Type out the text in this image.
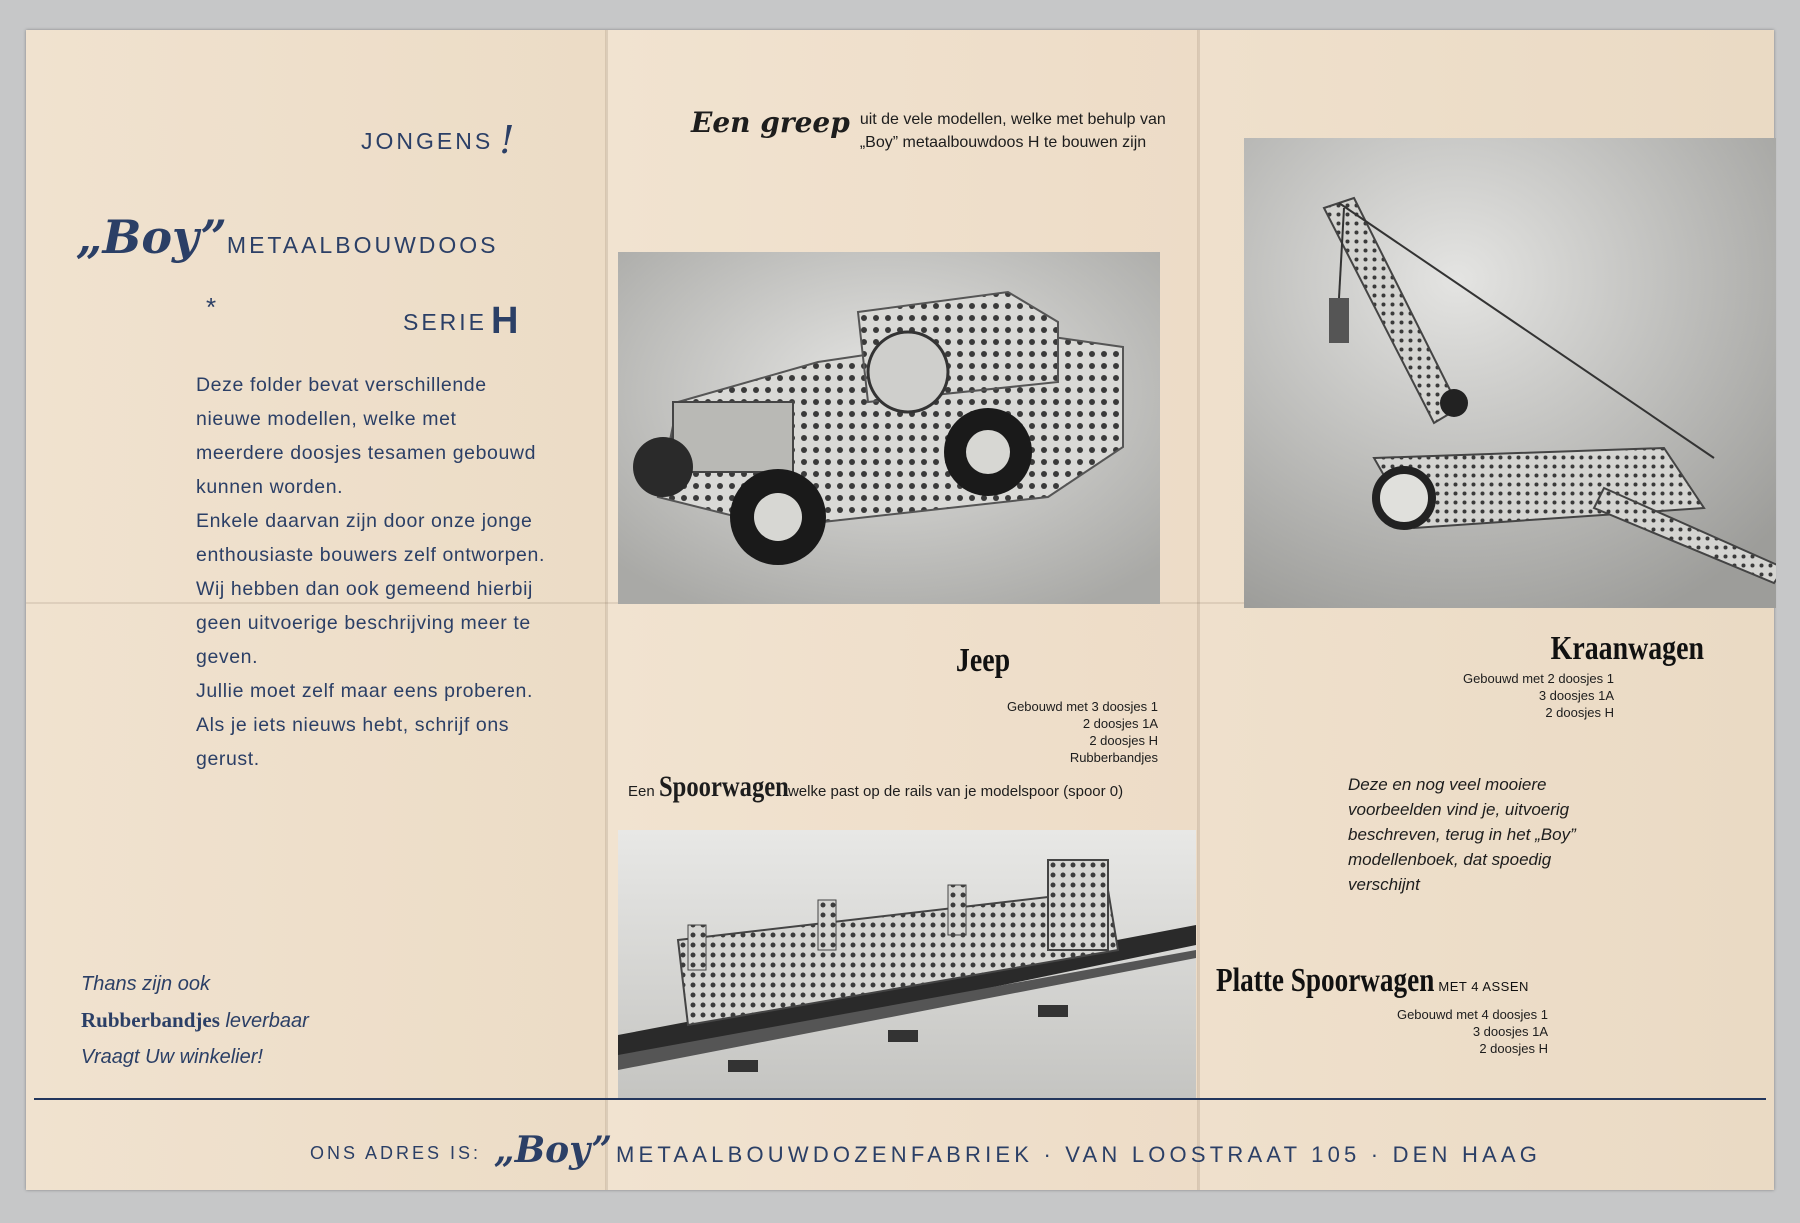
JONGENS !
„Boy”METAALBOUWDOOS
*	SERIE H

Deze folder bevat verschillende nieuwe modellen, welke met meerdere doosjes tesamen gebouwd kunnen worden.

Enkele daarvan zijn door onze jonge enthousiaste bouwers zelf ontworpen.

Wij hebben dan ook gemeend hierbij geen uitvoerige beschrijving meer te geven.

Jullie moet zelf maar eens proberen. Als je iets nieuws hebt, schrijf ons gerust.

Thans zijn ook
Rubberbandjes leverbaar
Vraagt Uw winkelier!
Een greep uit de vele modellen, welke met behulp van „Boy” metaalbouwdoos H te bouwen zijn
Jeep
Gebouwd met 3 doosjes 1
2 doosjes 1A
2 doosjes H
Rubberbandjes
Een Spoorwagen welke past op de rails van je modelspoor (spoor 0)
Kraanwagen
Gebouwd met 2 doosjes 1
3 doosjes 1A
2 doosjes H
Deze en nog veel mooiere voorbeelden vind je, uitvoerig beschreven, terug in het „Boy” modellenboek, dat spoedig verschijnt
Platte Spoorwagen MET 4 ASSEN
Gebouwd met 4 doosjes 1
3 doosjes 1A
2 doosjes H
ONS ADRES IS: „Boy” METAALBOUWDOZENFABRIEK · VAN LOOSTRAAT 105 · DEN HAAG
